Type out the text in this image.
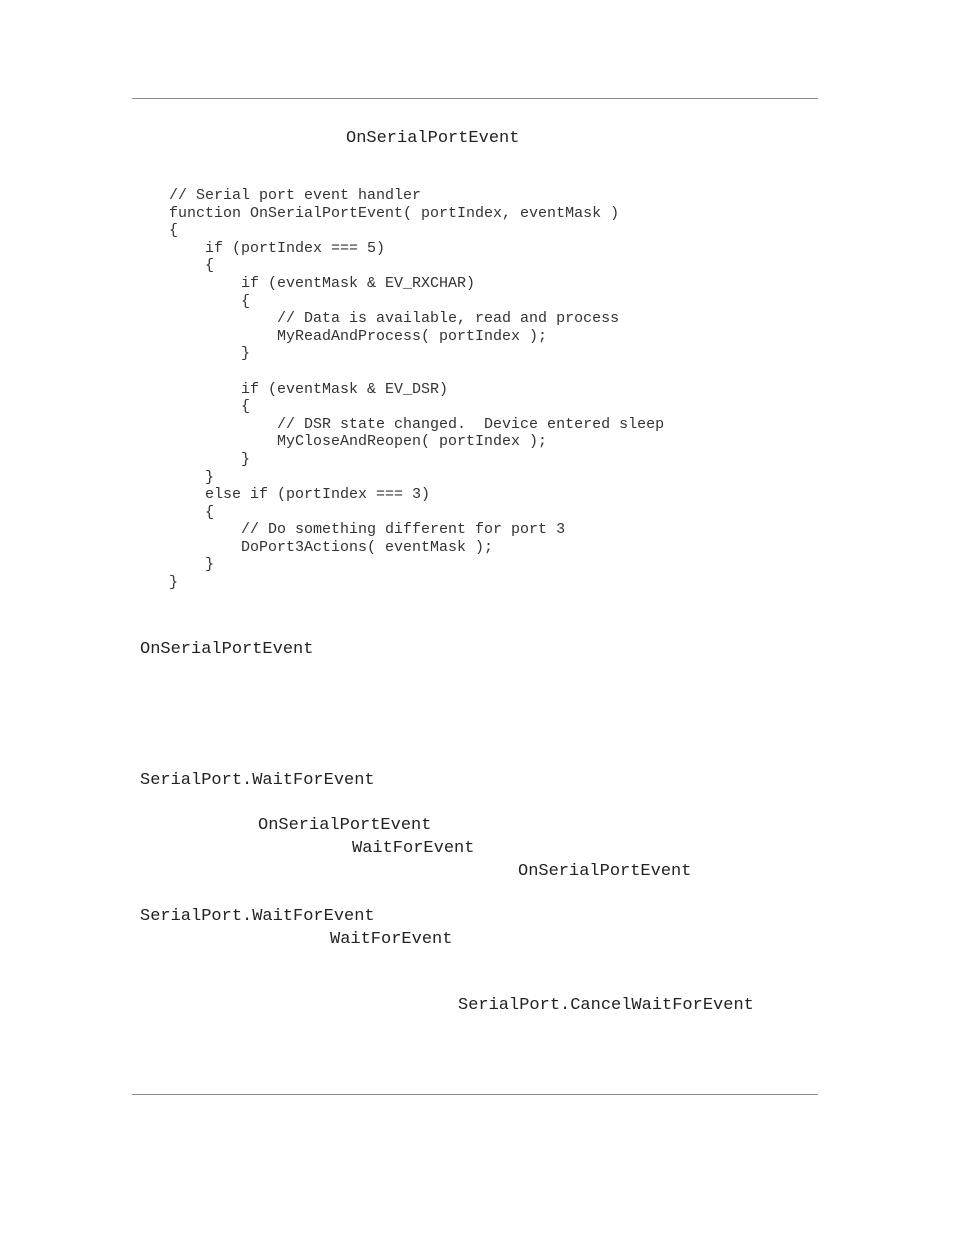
OnSerialPortEvent
// Serial port event handler
function OnSerialPortEvent( portIndex, eventMask )
{
if (portIndex === 5)
{
if (eventMask & EV_RXCHAR)
{
// Data is available, read and process
MyReadAndProcess( portIndex );
}
if (eventMask & EV_DSR)
{
// DSR state changed.  Device entered sleep
MyCloseAndReopen( portIndex );
}
}
else if (portIndex === 3)
{
// Do something different for port 3
DoPort3Actions( eventMask );
}
}
OnSerialPortEvent
SerialPort.WaitForEvent
OnSerialPortEvent
WaitForEvent
OnSerialPortEvent
SerialPort.WaitForEvent
WaitForEvent
SerialPort.CancelWaitForEvent
